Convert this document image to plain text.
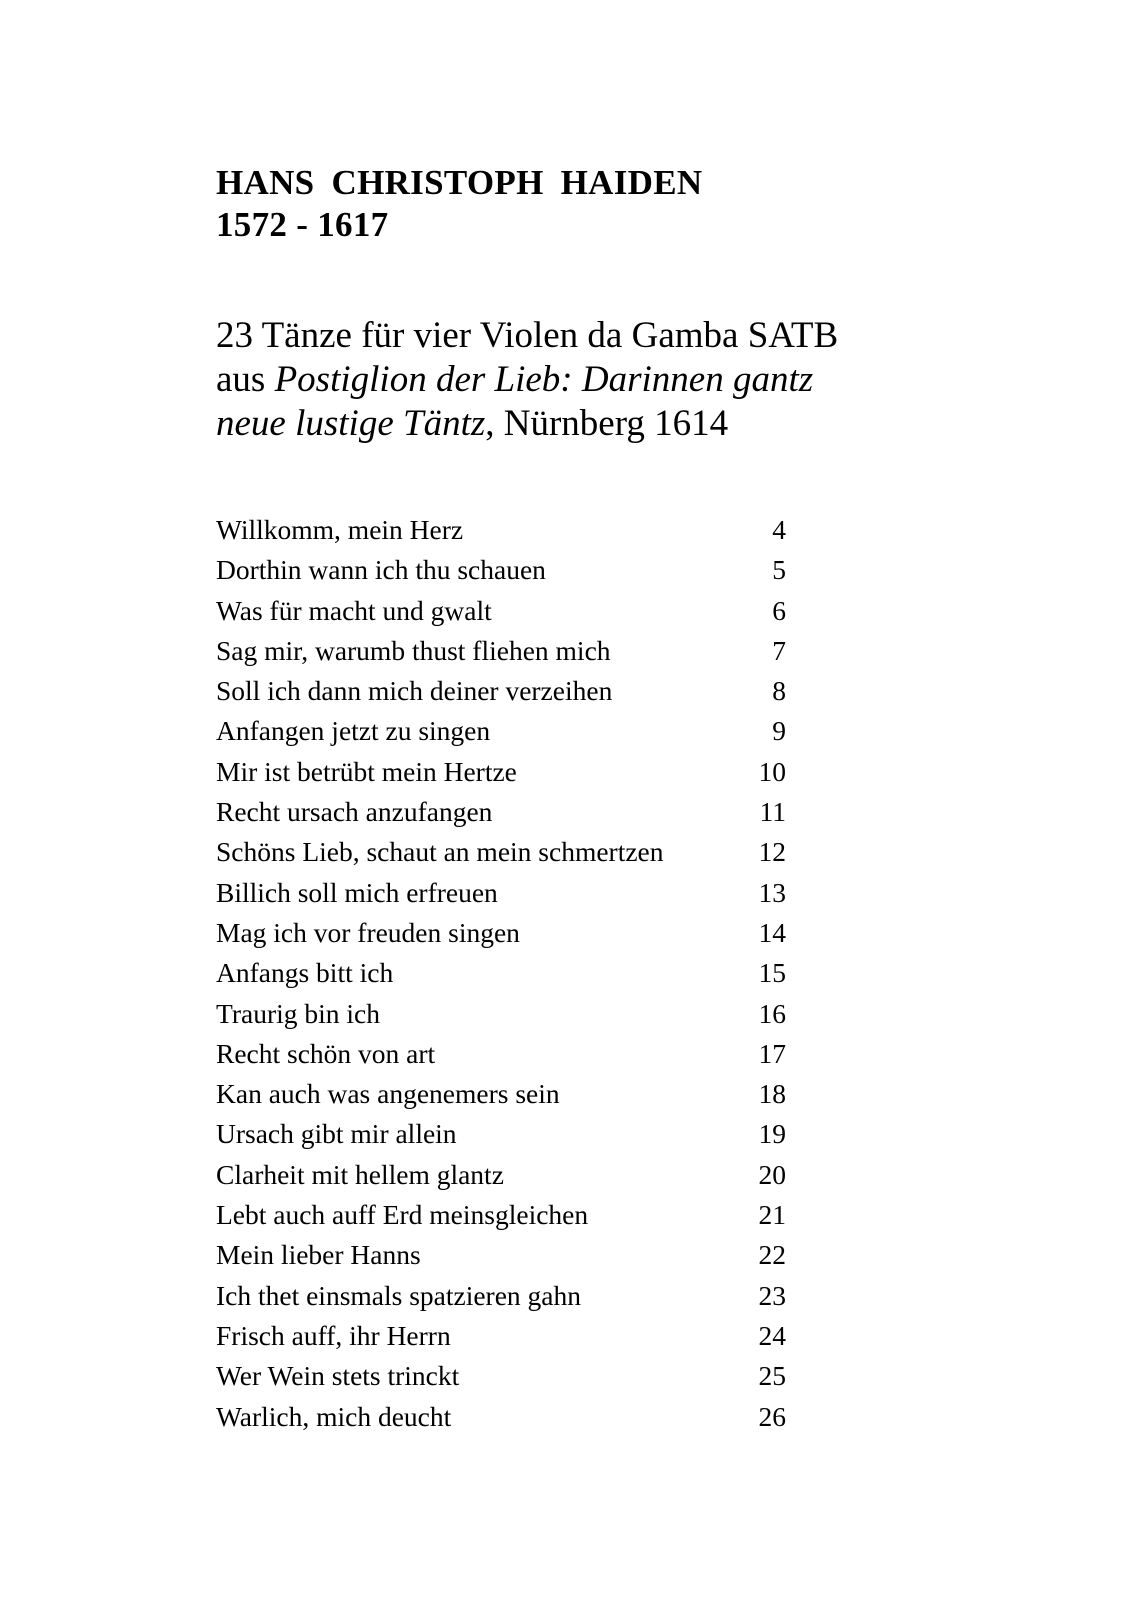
HANS CHRISTOPH HAIDEN
1572 - 1617
23 Tänze für vier Violen da Gamba SATB
aus Postiglion der Lieb: Darinnen gantz
neue lustige Täntz, Nürnberg 1614
Willkomm, mein Herz	4
Dorthin wann ich thu schauen	5
Was für macht und gwalt	6
Sag mir, warumb thust fliehen mich	7
Soll ich dann mich deiner verzeihen	8
Anfangen jetzt zu singen	9
Mir ist betrübt mein Hertze	10
Recht ursach anzufangen	11
Schöns Lieb, schaut an mein schmertzen	12
Billich soll mich erfreuen	13
Mag ich vor freuden singen	14
Anfangs bitt ich	15
Traurig bin ich	16
Recht schön von art	17
Kan auch was angenemers sein	18
Ursach gibt mir allein	19
Clarheit mit hellem glantz	20
Lebt auch auff Erd meinsgleichen	21
Mein lieber Hanns	22
Ich thet einsmals spatzieren gahn	23
Frisch auff, ihr Herrn	24
Wer Wein stets trinckt	25
Warlich, mich deucht	26
